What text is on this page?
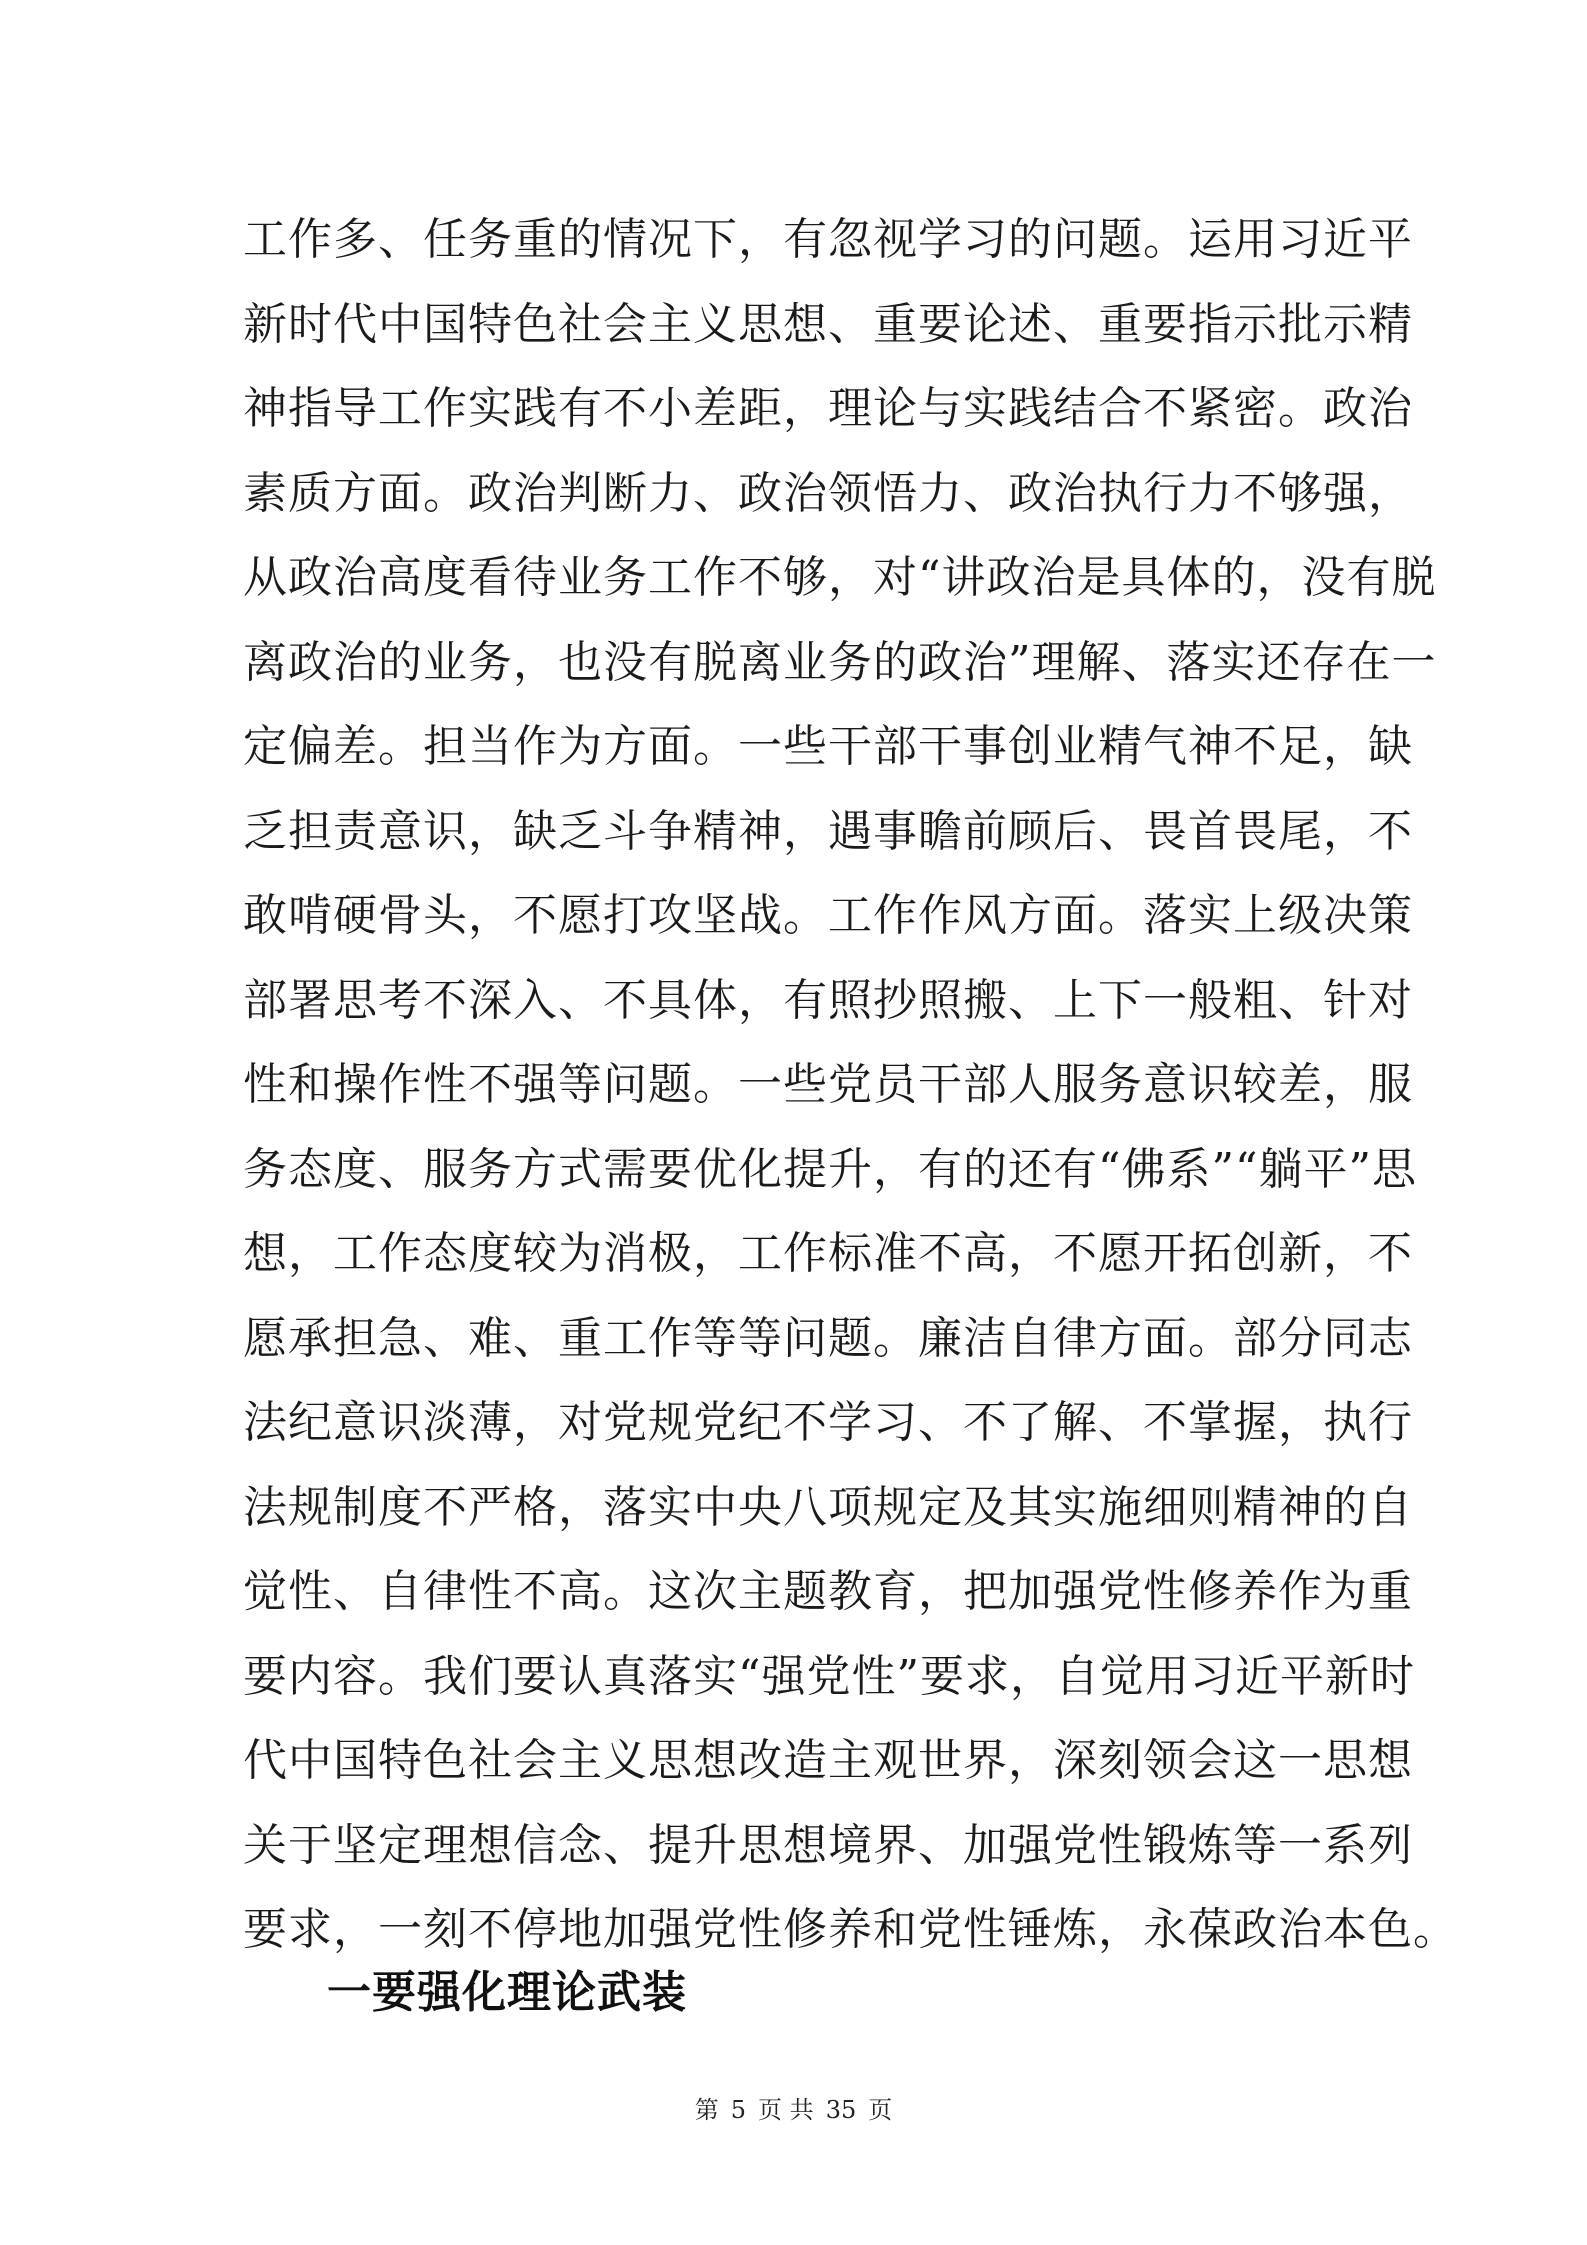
工作多、任务重的情况下，有忽视学习的问题。运用习近平
新时代中国特色社会主义思想、重要论述、重要指示批示精
神指导工作实践有不小差距，理论与实践结合不紧密。政治
素质方面。政治判断力、政治领悟力、政治执行力不够强，
从政治高度看待业务工作不够，对“讲政治是具体的，没有脱
离政治的业务，也没有脱离业务的政治”理解、落实还存在一
定偏差。担当作为方面。一些干部干事创业精气神不足，缺
乏担责意识，缺乏斗争精神，遇事瞻前顾后、畏首畏尾，不
敢啃硬骨头，不愿打攻坚战。工作作风方面。落实上级决策
部署思考不深入、不具体，有照抄照搬、上下一般粗、针对
性和操作性不强等问题。一些党员干部人服务意识较差，服
务态度、服务方式需要优化提升，有的还有“佛系”“躺平”思
想，工作态度较为消极，工作标准不高，不愿开拓创新，不
愿承担急、难、重工作等等问题。廉洁自律方面。部分同志
法纪意识淡薄，对党规党纪不学习、不了解、不掌握，执行
法规制度不严格，落实中央八项规定及其实施细则精神的自
觉性、自律性不高。这次主题教育，把加强党性修养作为重
要内容。我们要认真落实“强党性”要求，自觉用习近平新时
代中国特色社会主义思想改造主观世界，深刻领会这一思想
关于坚定理想信念、提升思想境界、加强党性锻炼等一系列
要求，一刻不停地加强党性修养和党性锤炼，永葆政治本色。
一要强化理论武装
第 5 页 共 35 页
